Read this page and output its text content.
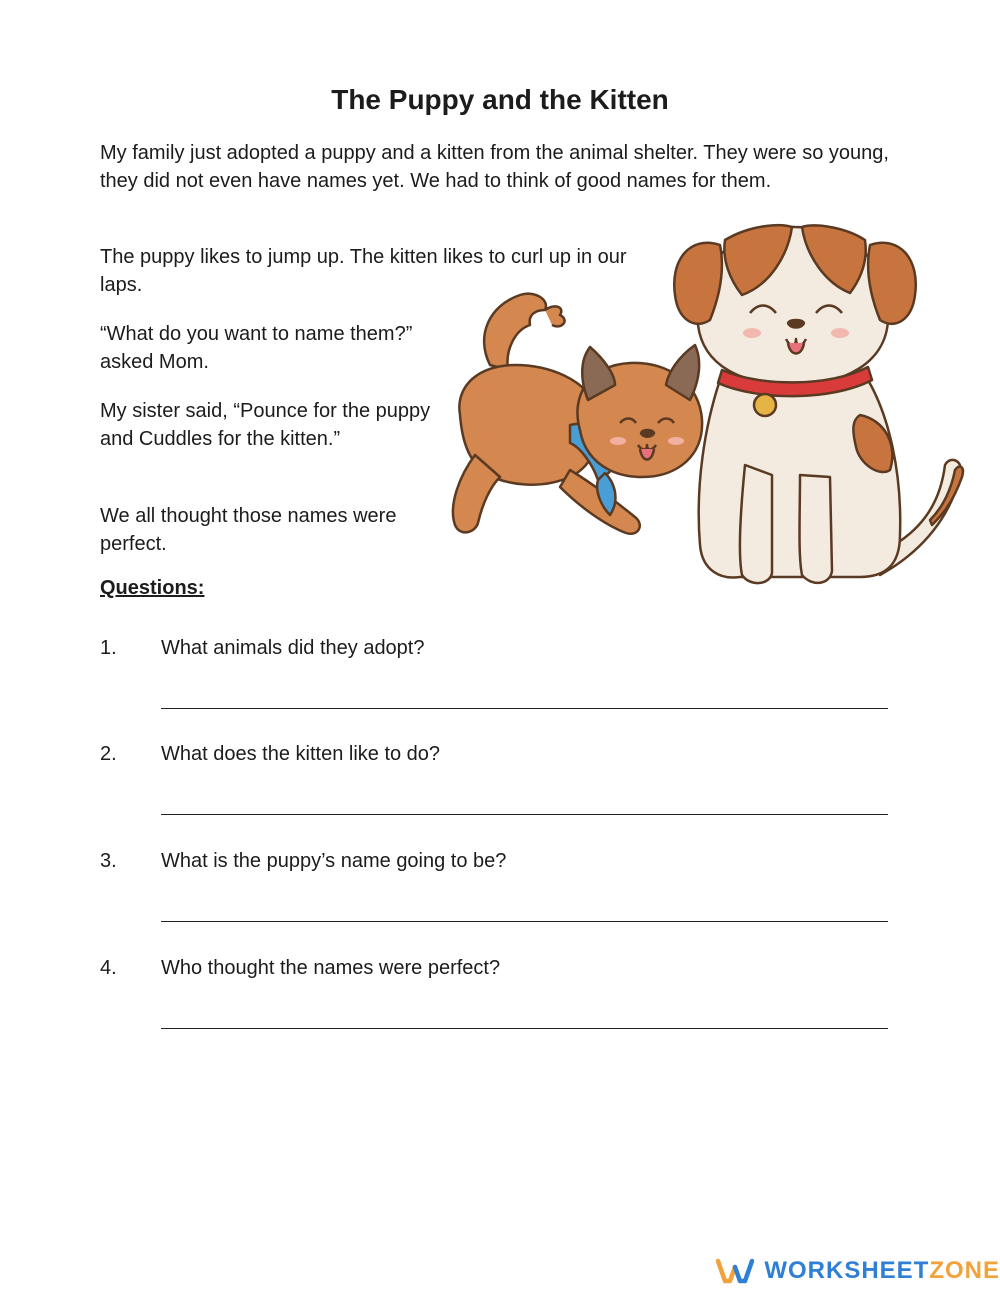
The Puppy and the Kitten

My family just adopted a puppy and a kitten from the animal shelter. They were so young, they did not even have names yet. We had to think of good names for them.

The puppy likes to jump up. The kitten likes to curl up in our laps.

“What do you want to name them?” asked Mom.

My sister said, “Pounce for the puppy and Cuddles for the kitten.”

We all thought those names were perfect.

Questions:
1. What animals did they adopt?
2. What does the kitten like to do?
3. What is the puppy’s name going to be?
4. Who thought the names were perfect?
WORKSHEETZONE
